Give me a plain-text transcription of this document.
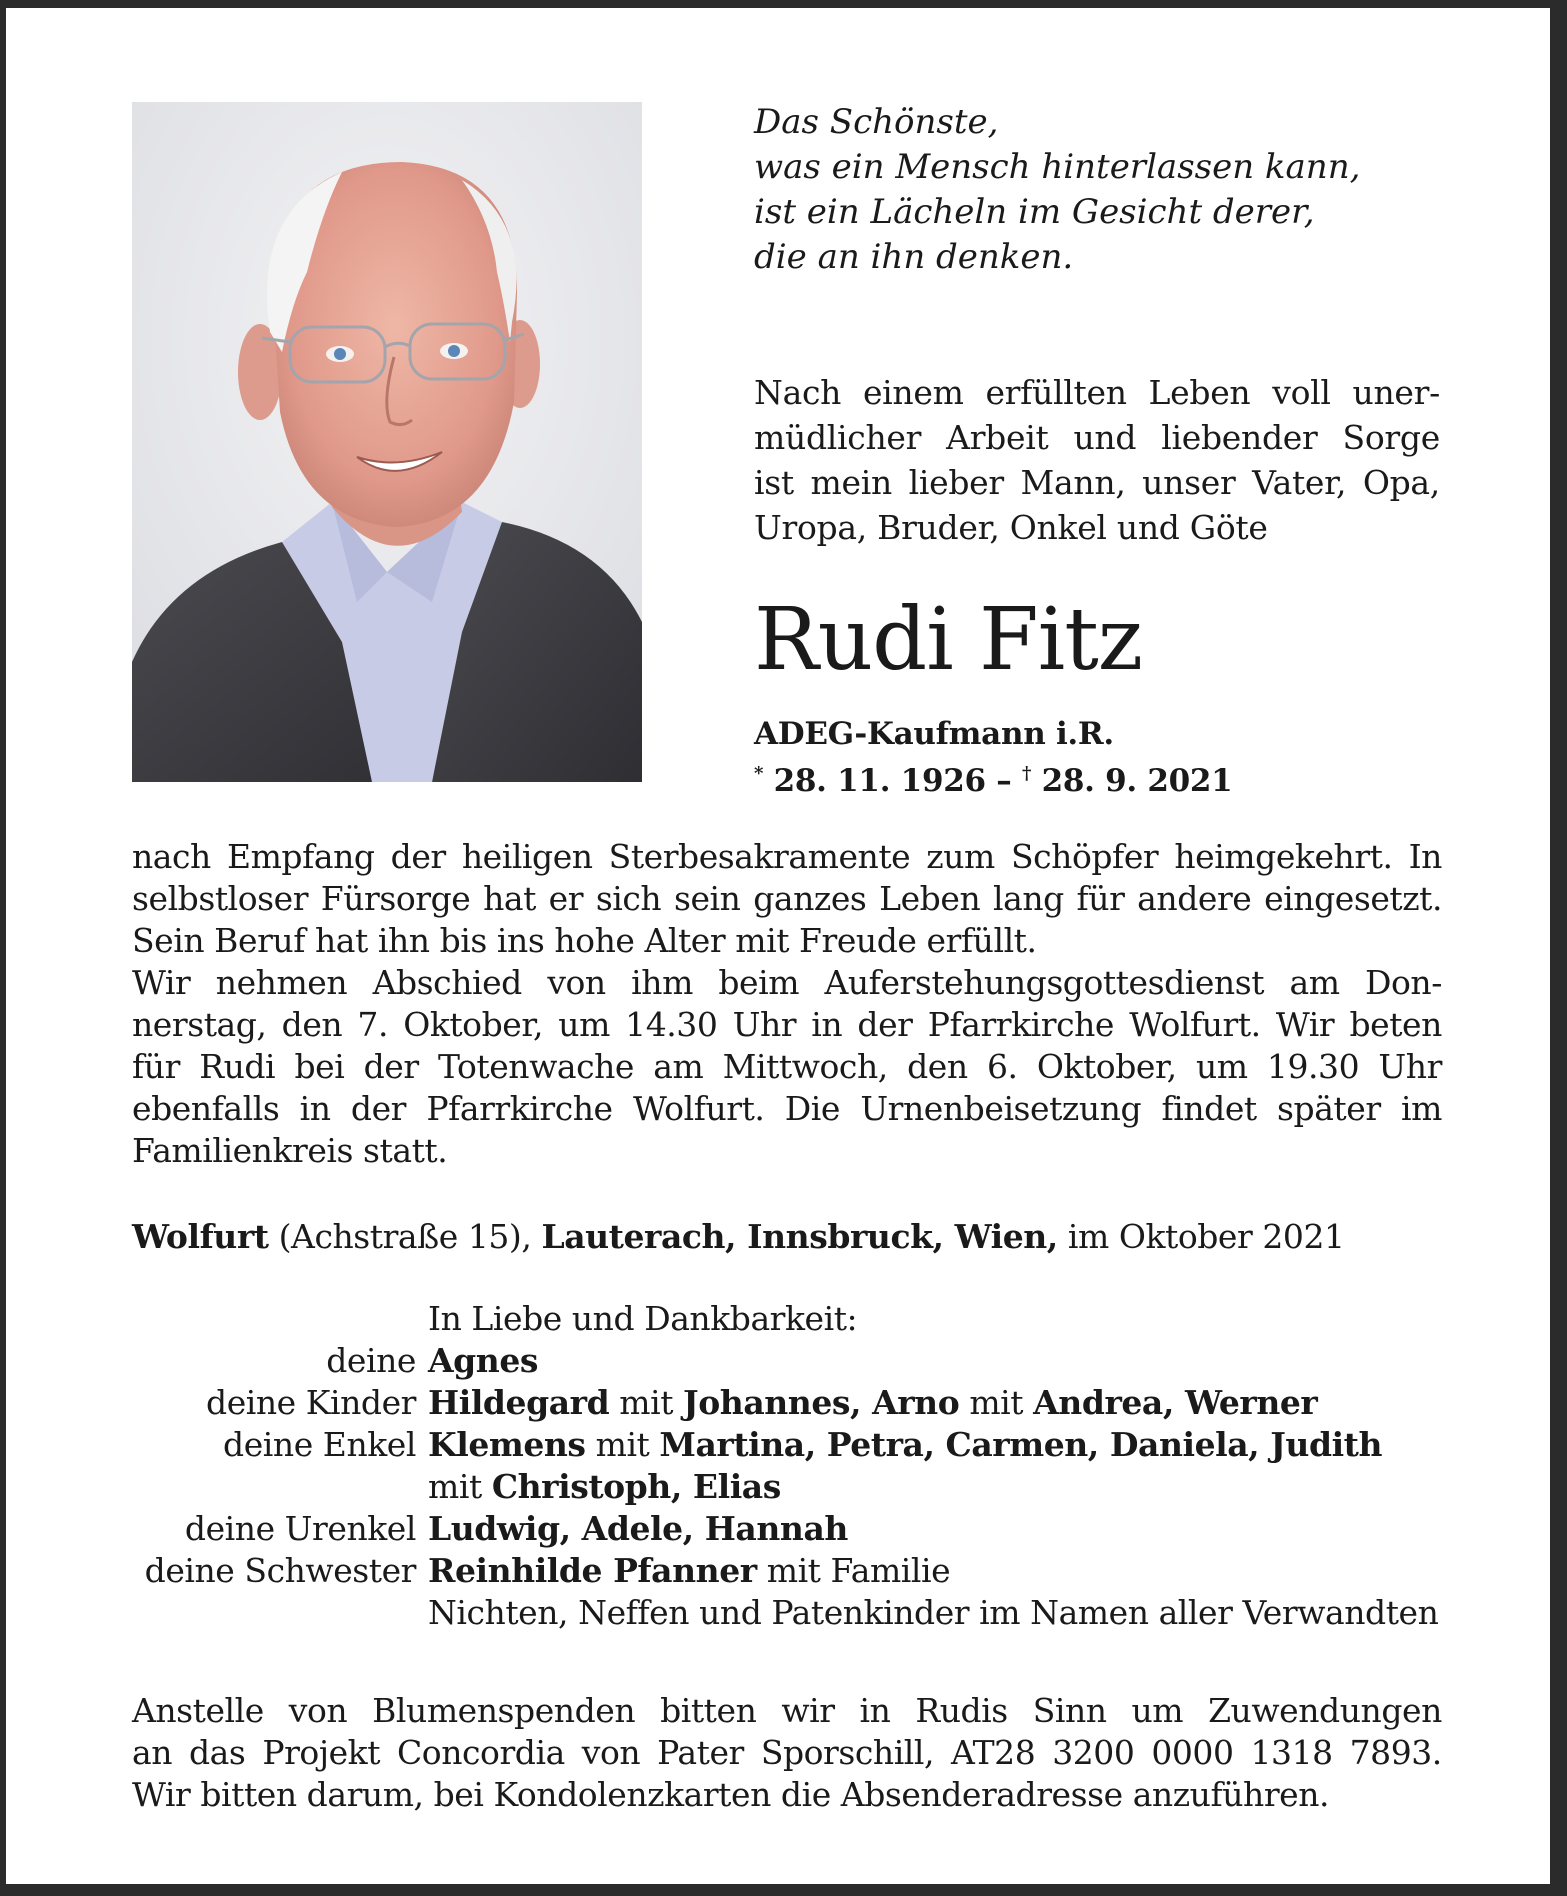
Das Schönste,
was ein Mensch hinterlassen kann,
ist ein Lächeln im Gesicht derer,
die an ihn denken.
Nach einem erfüllten Leben voll uner-
müdlicher Arbeit und liebender Sorge
ist mein lieber Mann, unser Vater, Opa,
Uropa, Bruder, Onkel und Göte
Rudi Fitz
ADEG-Kaufmann i.R.
* 28. 11. 1926 – † 28. 9. 2021
nach Empfang der heiligen Sterbesakramente zum Schöpfer heimgekehrt. In
selbstloser Fürsorge hat er sich sein ganzes Leben lang für andere eingesetzt.
Sein Beruf hat ihn bis ins hohe Alter mit Freude erfüllt.
Wir nehmen Abschied von ihm beim Auferstehungsgottesdienst am Don-
nerstag, den 7. Oktober, um 14.30 Uhr in der Pfarrkirche Wolfurt. Wir beten
für Rudi bei der Totenwache am Mittwoch, den 6. Oktober, um 19.30 Uhr
ebenfalls in der Pfarrkirche Wolfurt. Die Urnenbeisetzung findet später im
Familienkreis statt.
Wolfurt (Achstraße 15), Lauterach, Innsbruck, Wien, im Oktober 2021
In Liebe und Dankbarkeit:
deine Agnes
deine Kinder Hildegard mit Johannes, Arno mit Andrea, Werner
deine Enkel Klemens mit Martina, Petra, Carmen, Daniela, Judith
mit Christoph, Elias
deine Urenkel Ludwig, Adele, Hannah
deine Schwester Reinhilde Pfanner mit Familie
Nichten, Neffen und Patenkinder im Namen aller Verwandten
Anstelle von Blumenspenden bitten wir in Rudis Sinn um Zuwendungen
an das Projekt Concordia von Pater Sporschill, AT28 3200 0000 1318 7893.
Wir bitten darum, bei Kondolenzkarten die Absenderadresse anzuführen.
